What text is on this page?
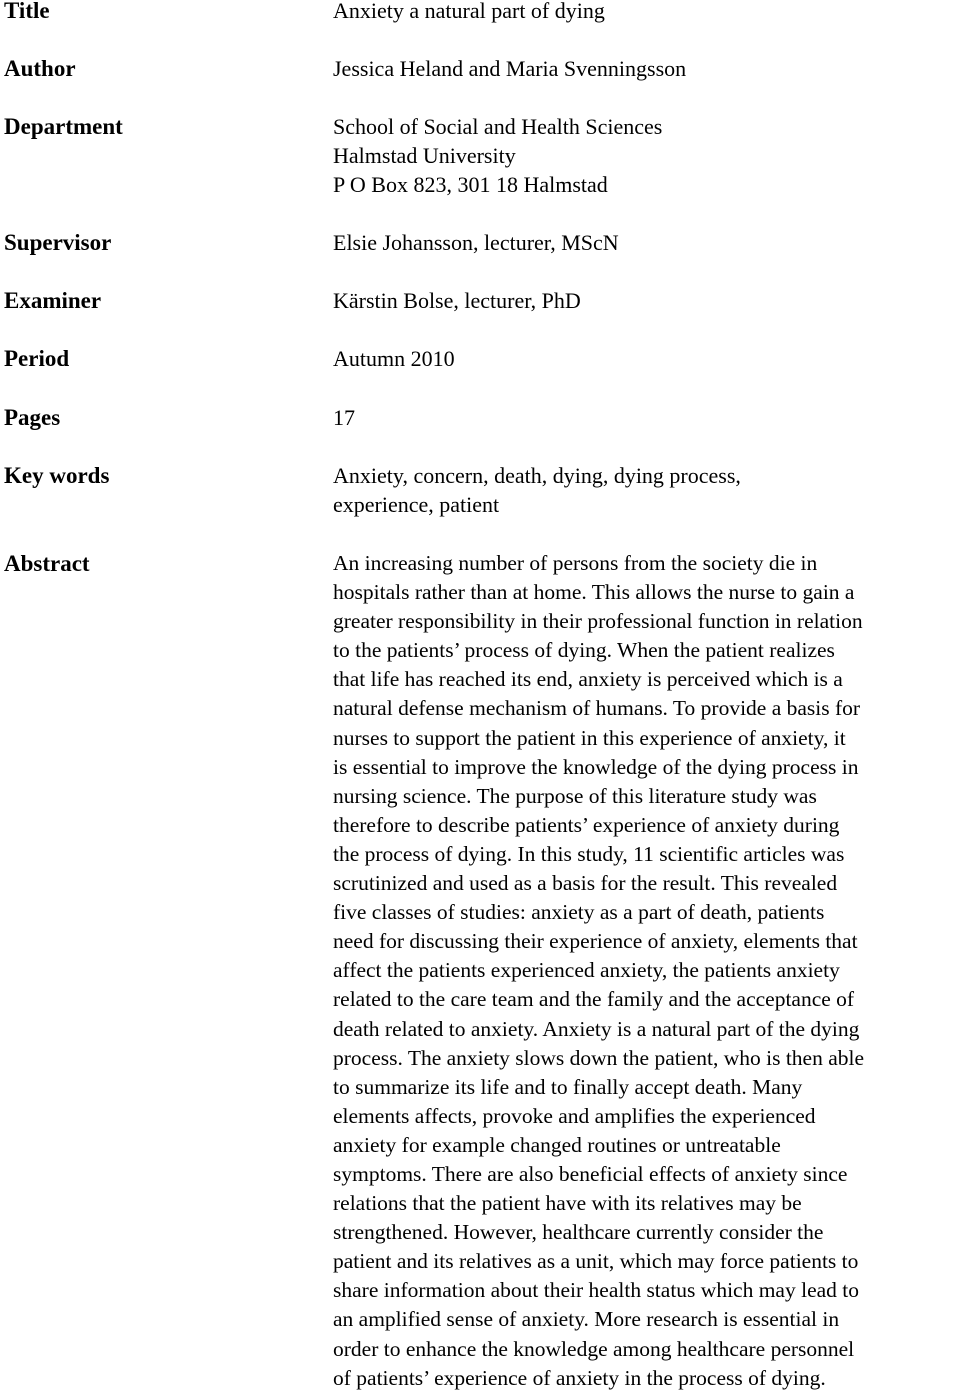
Title	Anxiety a natural part of dying
Author	Jessica Heland and Maria Svenningsson
Department	School of Social and Health Sciences
Halmstad University
P O Box 823, 301 18 Halmstad
Supervisor	Elsie Johansson, lecturer, MScN
Examiner	Kärstin Bolse, lecturer, PhD
Period	Autumn 2010
Pages	17
Key words	Anxiety, concern, death, dying, dying process,
experience, patient
Abstract	An increasing number of persons from the society die in
hospitals rather than at home. This allows the nurse to gain a
greater responsibility in their professional function in relation
to the patients’ process of dying. When the patient realizes
that life has reached its end, anxiety is perceived which is a
natural defense mechanism of humans. To provide a basis for
nurses to support the patient in this experience of anxiety, it
is essential to improve the knowledge of the dying process in
nursing science. The purpose of this literature study was
therefore to describe patients’ experience of anxiety during
the process of dying. In this study, 11 scientific articles was
scrutinized and used as a basis for the result. This revealed
five classes of studies: anxiety as a part of death, patients
need for discussing their experience of anxiety, elements that
affect the patients experienced anxiety, the patients anxiety
related to the care team and the family and the acceptance of
death related to anxiety. Anxiety is a natural part of the dying
process. The anxiety slows down the patient, who is then able
to summarize its life and to finally accept death. Many
elements affects, provoke and amplifies the experienced
anxiety for example changed routines or untreatable
symptoms. There are also beneficial effects of anxiety since
relations that the patient have with its relatives may be
strengthened. However, healthcare currently consider the
patient and its relatives as a unit, which may force patients to
share information about their health status which may lead to
an amplified sense of anxiety. More research is essential in
order to enhance the knowledge among healthcare personnel
of patients’ experience of anxiety in the process of dying.
